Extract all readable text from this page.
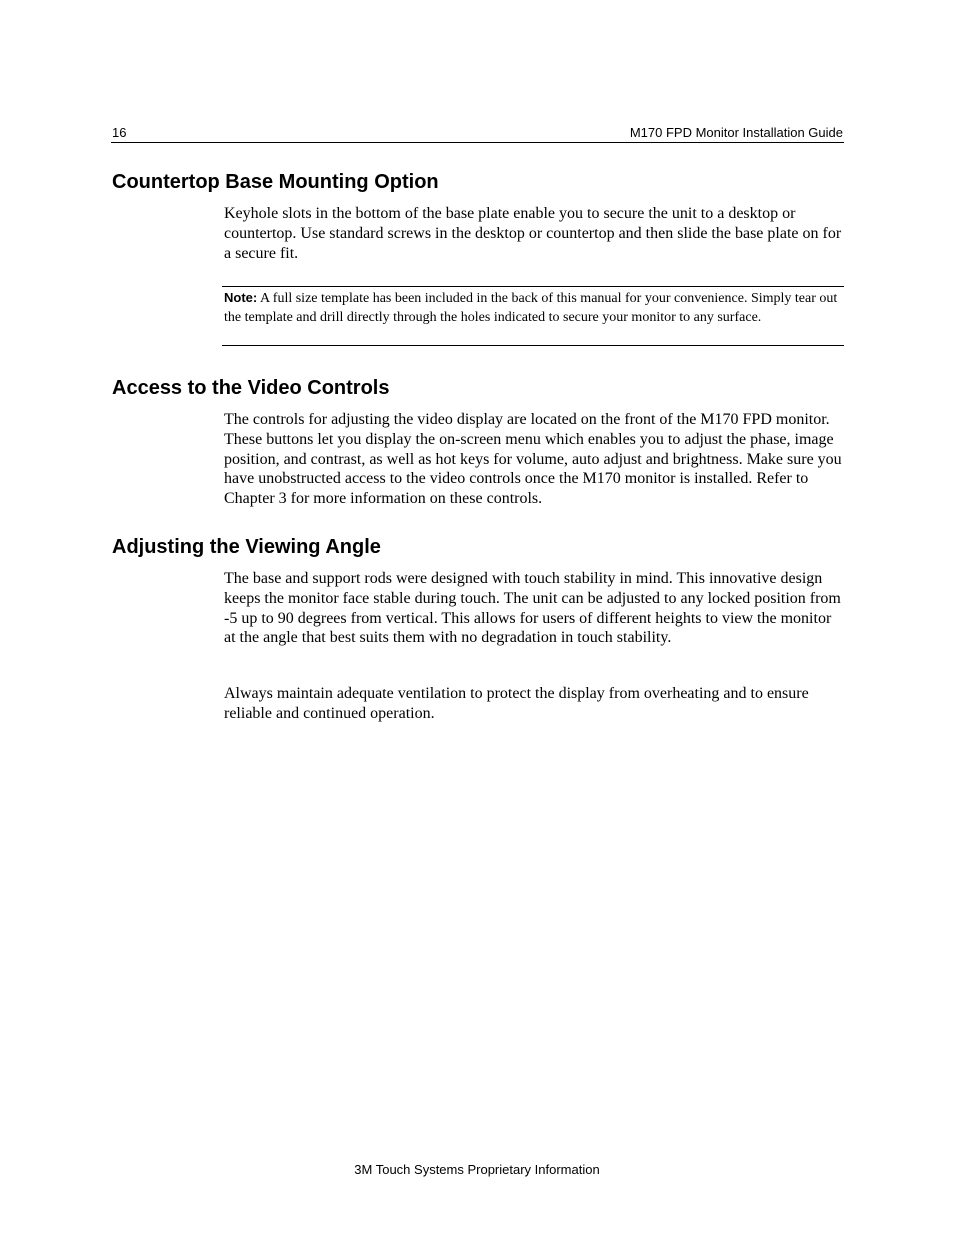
16	M170 FPD Monitor Installation Guide
Countertop Base Mounting Option

Keyhole slots in the bottom of the base plate enable you to secure the unit to a desktop or countertop. Use standard screws in the desktop or countertop and then slide the base plate on for a secure fit.

Note: A full size template has been included in the back of this manual for your convenience. Simply tear out the template and drill directly through the holes indicated to secure your monitor to any surface.

Access to the Video Controls

The controls for adjusting the video display are located on the front of the M170 FPD monitor. These buttons let you display the on-screen menu which enables you to adjust the phase, image position, and contrast, as well as hot keys for volume, auto adjust and brightness. Make sure you have unobstructed access to the video controls once the M170 monitor is installed. Refer to Chapter 3 for more information on these controls.

Adjusting the Viewing Angle

The base and support rods were designed with touch stability in mind. This innovative design keeps the monitor face stable during touch. The unit can be adjusted to any locked position from -5 up to 90 degrees from vertical. This allows for users of different heights to view the monitor at the angle that best suits them with no degradation in touch stability.

Always maintain adequate ventilation to protect the display from overheating and to ensure reliable and continued operation.

3M Touch Systems Proprietary Information
